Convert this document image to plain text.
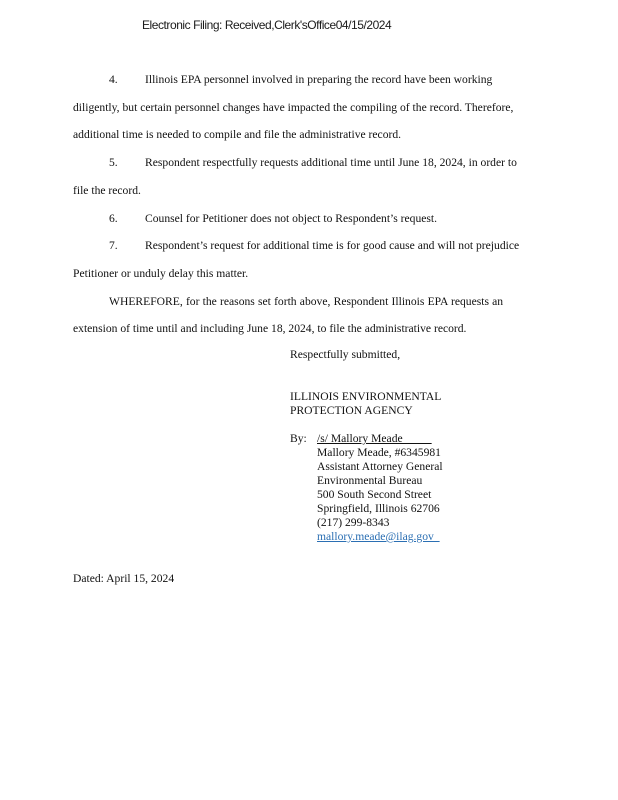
Electronic Filing: Received,Clerk'sOffice04/15/2024

4. Illinois EPA personnel involved in preparing the record have been working

diligently, but certain personnel changes have impacted the compiling of the record. Therefore,
additional time is needed to compile and file the administrative record.

5. Respondent respectfully requests additional time until June 18, 2024, in order to

file the record.

6. Counsel for Petitioner does not object to Respondent’s request.

7. Respondent’s request for additional time is for good cause and will not prejudice

Petitioner or unduly delay this matter.

WHEREFORE, for the reasons set forth above, Respondent Illinois EPA requests an

extension of time until and including June 18, 2024, to file the administrative record.
Respectfully submitted,
ILLINOIS ENVIRONMENTAL
PROTECTION AGENCY
By: /s/ Mallory Meade
Mallory Meade, #6345981
Assistant Attorney General
Environmental Bureau
500 South Second Street
Springfield, Illinois 62706
(217) 299-8343
mallory.meade@ilag.gov
Dated: April 15, 2024
